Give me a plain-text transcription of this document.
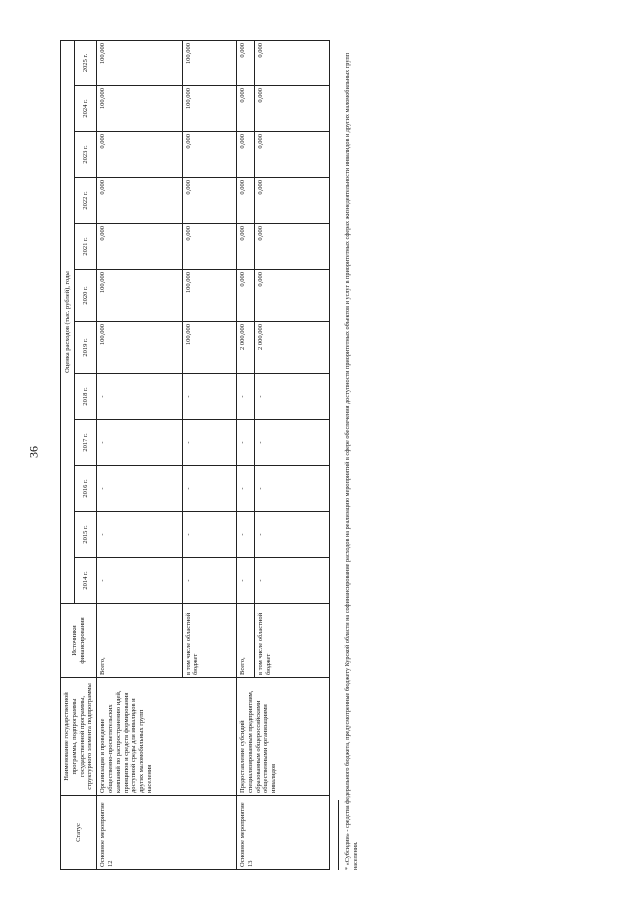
36
Статус	Наименование государственной программы, подпрограммы государственной программы, структурного элемента подпрограммы	Источники финансирования	Оценка расходов (тыс. рублей), годы											
			2014 г.	2015 г.	2016 г.	2017 г.	2018 г.	2019 г.	2020 г.	2021 г.	2022 г.	2023 г.	2024 г.	2025 г.
Основное мероприятие 12	Организация и проведение общественно-просветительских кампаний по распространению идей, принципов и средств формирования доступной среды для инвалидов и других маломобильных групп населения	Всего,	-	-	-	-	-	100,000	100,000	0,000	0,000	0,000	100,000	100,000
		в том числе областной бюджет	-	-	-	-	-	100,000	100,000	0,000	0,000	0,000	100,000	100,000
Основное мероприятие 13	Предоставление субсидий специализированным предприятиям, образованным общероссийскими общественными организациями инвалидов	Всего,	-	-	-	-	-	2 000,000	0,000	0,000	0,000	0,000	0,000	0,000
		в том числе областной бюджет	-	-	-	-	-	2 000,000	0,000	0,000	0,000	0,000	0,000	0,000
* «Субсидии» - средства федерального бюджета, предусмотренные бюджету Курской области на софинансирование расходов на реализацию мероприятий в сфере обеспечения доступности приоритетных объектов и услуг в приоритетных сферах жизнедеятельности инвалидов и других маломобильных групп населения.
